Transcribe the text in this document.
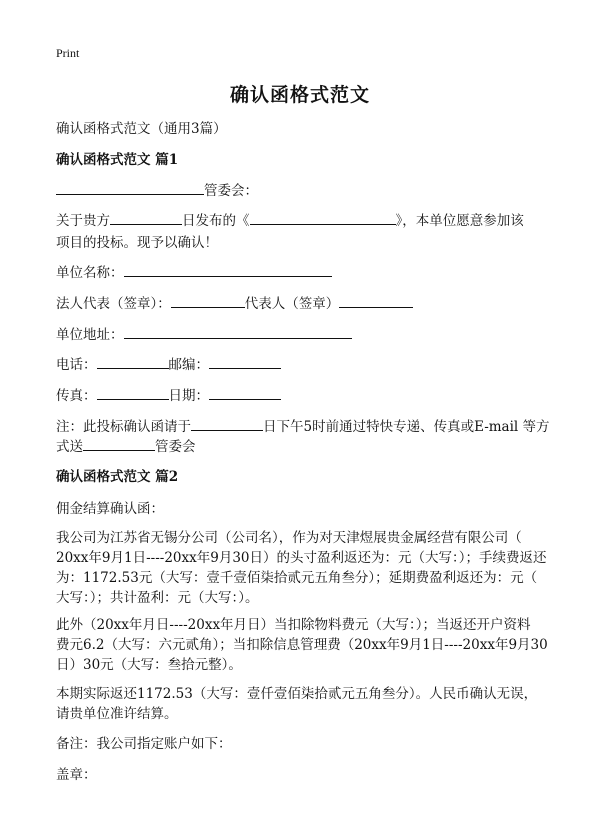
Print
确认函格式范文
确认函格式范文（通用3篇）
确认函格式范文 篇1
管委会：
关于贵方	日发布的《	》，本单位愿意参加该
项目的投标。现予以确认！
单位名称：
法人代表（签章）：	代表人（签章）
单位地址：
电话：	邮编：
传真：	日期：
注：此投标确认函请于	日下午5时前通过特快专递、传真或E-mail 等方
式送	管委会
确认函格式范文 篇2
佣金结算确认函：
我公司为江苏省无锡分公司（公司名），作为对天津煜展贵金属经营有限公司（
20xx年9月1日----20xx年9月30日）的头寸盈利返还为：元（大写：）；手续费返还
为：1172.53元（大写：壹千壹佰柒拾贰元五角叁分）；延期费盈利返还为：元（
大写：）；共计盈利：元（大写：）。
此外（20xx年月日----20xx年月日）当扣除物料费元（大写：）；当返还开户资料
费元6.2（大写：六元贰角）；当扣除信息管理费（20xx年9月1日----20xx年9月30
日）30元（大写：叁拾元整）。
本期实际返还1172.53（大写：壹仟壹佰柒拾贰元五角叁分）。人民币确认无误，
请贵单位准许结算。
备注：我公司指定账户如下：
盖章：
